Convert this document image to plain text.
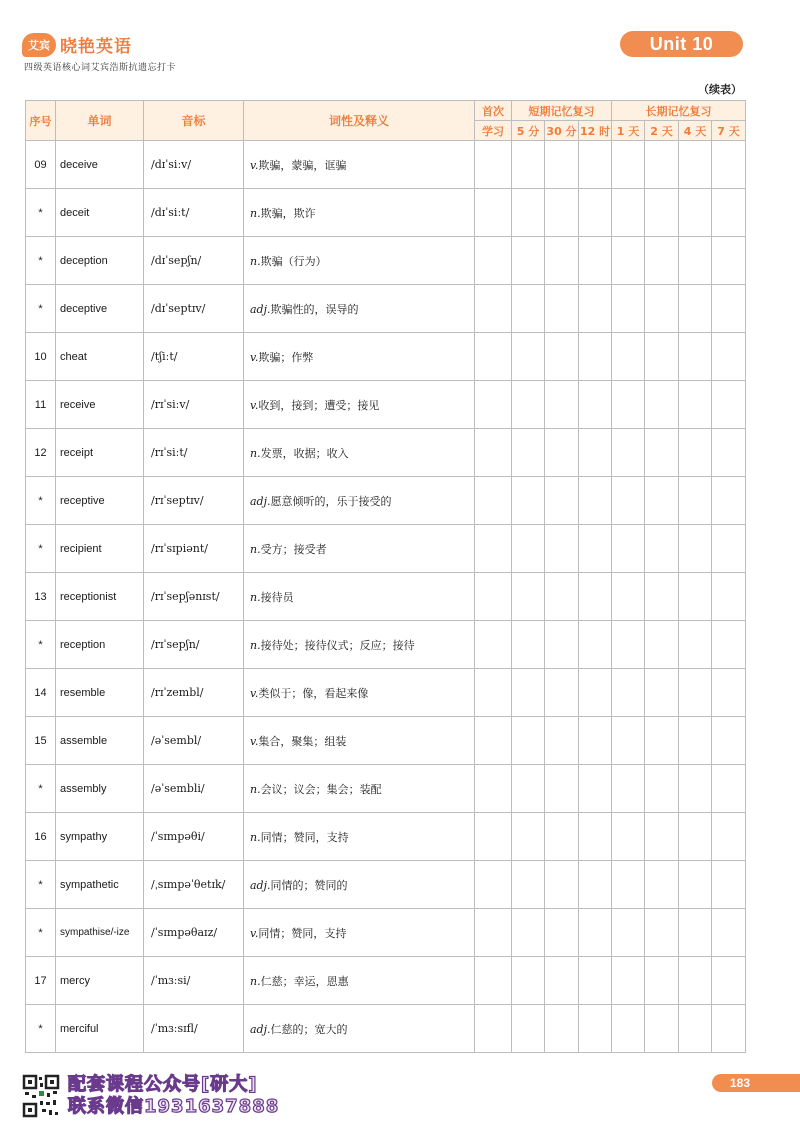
艾宾 晓艳英语
四级英语核心词艾宾浩斯抗遗忘打卡
Unit 10
（续表）
序号	单词	音标	词性及释义	首次	短期记忆复习			长期记忆复习			
				学习	5 分	30 分	12 时	1 天	2 天	4 天	7 天
09	deceive	/dɪˈsiːv/	v.欺骗，蒙骗，诓骗								
*	deceit	/dɪˈsiːt/	n.欺骗，欺诈								
*	deception	/dɪˈsepʃn/	n.欺骗（行为）								
*	deceptive	/dɪˈseptɪv/	adj.欺骗性的，误导的								
10	cheat	/tʃiːt/	v.欺骗；作弊								
11	receive	/rɪˈsiːv/	v.收到，接到；遭受；接见								
12	receipt	/rɪˈsiːt/	n.发票，收据；收入								
*	receptive	/rɪˈseptɪv/	adj.愿意倾听的，乐于接受的								
*	recipient	/rɪˈsɪpiənt/	n.受方；接受者								
13	receptionist	/rɪˈsepʃənɪst/	n.接待员								
*	reception	/rɪˈsepʃn/	n.接待处；接待仪式；反应；接待								
14	resemble	/rɪˈzembl/	v.类似于；像，看起来像								
15	assemble	/əˈsembl/	v.集合，聚集；组装								
*	assembly	/əˈsembli/	n.会议；议会；集会；装配								
16	sympathy	/ˈsɪmpəθi/	n.同情；赞同，支持								
*	sympathetic	/ˌsɪmpəˈθetɪk/	adj.同情的；赞同的								
*	sympathise/-ize	/ˈsɪmpəθaɪz/	v.同情；赞同，支持								
17	mercy	/ˈmɜːsi/	n.仁慈；幸运，恩惠								
*	merciful	/ˈmɜːsɪfl/	adj.仁慈的；宽大的								
配套课程公众号[研大]
联系微信1931637888
183
